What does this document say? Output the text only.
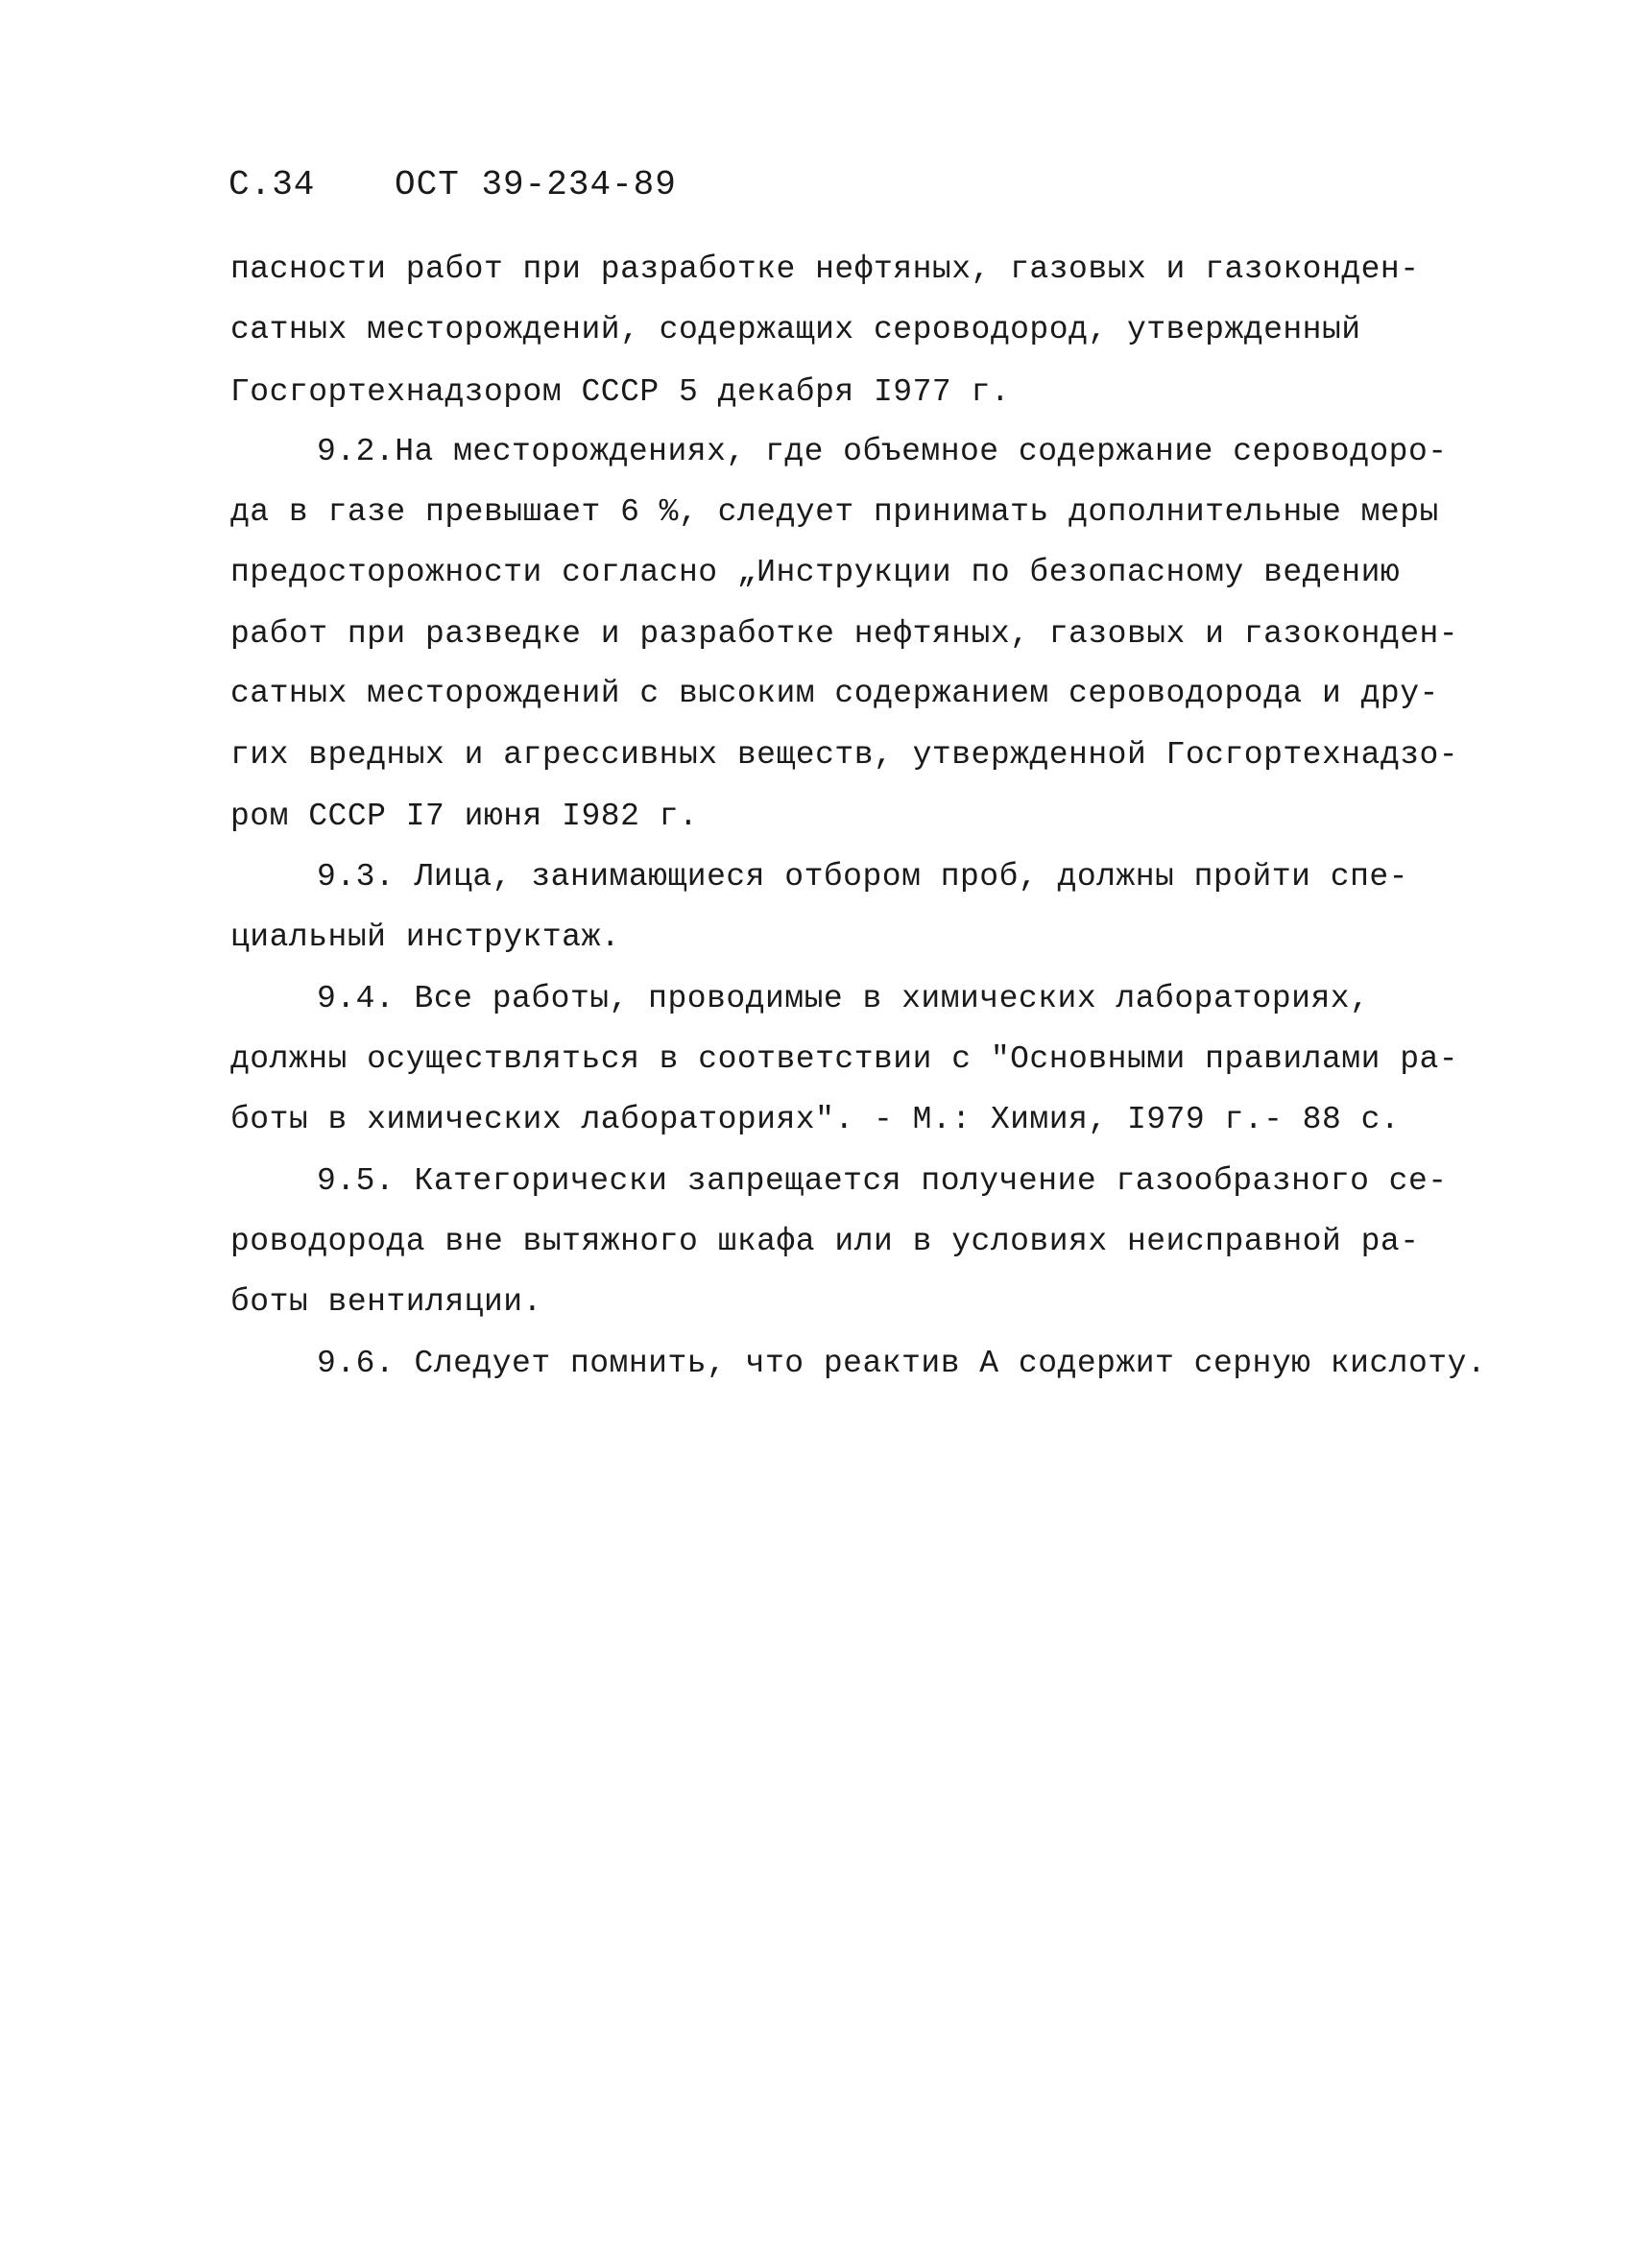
С.34 ОСТ 39-234-89
пасности работ при разработке нефтяных, газовых и газоконден-
сатных месторождений, содержащих сероводород, утвержденный
Госгортехнадзором СССР 5 декабря I977 г.
9.2.На месторождениях, где объемное содержание сероводоро-
да в газе превышает 6 %, следует принимать дополнительные меры
предосторожности согласно „Инструкции по безопасному ведению
работ при разведке и разработке нефтяных, газовых и газоконден-
сатных месторождений с высоким содержанием сероводорода и дру-
гих вредных и агрессивных веществ, утвержденной Госгортехнадзо-
ром СССР I7 июня I982 г.
9.3. Лица, занимающиеся отбором проб, должны пройти спе-
циальный инструктаж.
9.4. Все работы, проводимые в химических лабораториях,
должны осуществляться в соответствии с "Основными правилами ра-
боты в химических лабораториях". - М.: Химия, I979 г.- 88 с.
9.5. Категорически запрещается получение газообразного се-
роводорода вне вытяжного шкафа или в условиях неисправной ра-
боты вентиляции.
9.6. Следует помнить, что реактив А содержит серную кислоту.
